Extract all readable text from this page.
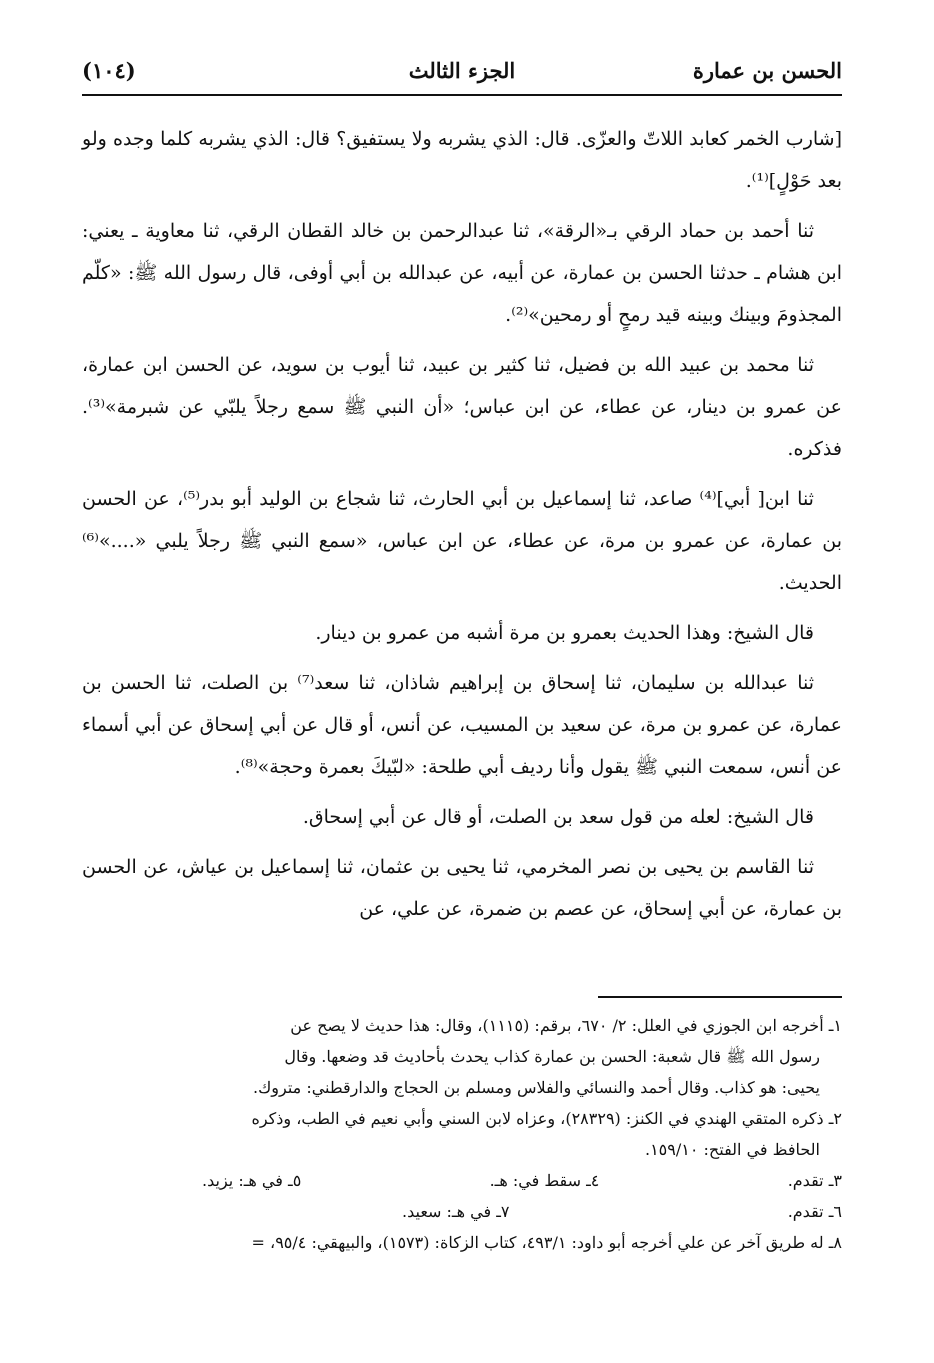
(١٠٤)	الجزء الثالث	الحسن بن عمارة

[شارب الخمر كعابد اللاتّ والعزّى. قال: الذي يشربه ولا يستفيق؟ قال: الذي يشربه كلما وجده ولو بعد حَوْلٍ]⁽¹⁾.

ثنا أحمد بن حماد الرقي بـ«الرقة»، ثنا عبدالرحمن بن خالد القطان الرقي، ثنا معاوية ـ يعني: ابن هشام ـ حدثنا الحسن بن عمارة، عن أبيه، عن عبدالله بن أبي أوفى، قال رسول الله ﷺ: «كلّم المجذومَ وبينك وبينه قيد رمحٍ أو رمحين»⁽²⁾.

ثنا محمد بن عبيد الله بن فضيل، ثنا كثير بن عبيد، ثنا أيوب بن سويد، عن الحسن ابن عمارة، عن عمرو بن دينار، عن عطاء، عن ابن عباس؛ «أن النبي ﷺ سمع رجلاً يلبّي عن شبرمة»⁽³⁾. فذكره.

ثنا ابن[ أبي]⁽⁴⁾ صاعد، ثنا إسماعيل بن أبي الحارث، ثنا شجاع بن الوليد أبو بدر⁽⁵⁾، عن الحسن بن عمارة، عن عمرو بن مرة، عن عطاء، عن ابن عباس، «سمع النبي ﷺ رجلاً يلبي «....»⁽⁶⁾ الحديث.

قال الشيخ: وهذا الحديث بعمرو بن مرة أشبه من عمرو بن دينار.

ثنا عبدالله بن سليمان، ثنا إسحاق بن إبراهيم شاذان، ثنا سعد⁽⁷⁾ بن الصلت، ثنا الحسن بن عمارة، عن عمرو بن مرة، عن سعيد بن المسيب، عن أنس، أو قال عن أبي إسحاق عن أبي أسماء عن أنس، سمعت النبي ﷺ يقول وأنا رديف أبي طلحة: «لبّيكَ بعمرة وحجة»⁽⁸⁾.

قال الشيخ: لعله من قول سعد بن الصلت، أو قال عن أبي إسحاق.

ثنا القاسم بن يحيى بن نصر المخرمي، ثنا يحيى بن عثمان، ثنا إسماعيل بن عياش، عن الحسن بن عمارة، عن أبي إسحاق، عن عصم بن ضمرة، عن علي، عن

١ـ أخرجه ابن الجوزي في العلل: ٢/ ٦٧٠، برقم: (١١١٥)، وقال: هذا حديث لا يصح عن

رسول الله ﷺ قال شعبة: الحسن بن عمارة كذاب يحدث بأحاديث قد وضعها. وقال

يحيى: هو كذاب. وقال أحمد والنسائي والفلاس ومسلم بن الحجاج والدارقطني: متروك.

٢ـ ذكره المتقي الهندي في الكنز: (٢٨٣٢٩)، وعزاه لابن السني وأبي نعيم في الطب، وذكره

الحافظ في الفتح: ١٥٩/١٠.

٣ـ تقدم.
٤ـ سقط في: هـ.
٥ـ في هـ: يزيد.
٦ـ تقدم.
٧ـ في هـ: سعيد.

٨ـ له طريق آخر عن علي أخرجه أبو داود: ٤٩٣/١، كتاب الزكاة: (١٥٧٣)، والبيهقي: ٩٥/٤، =
